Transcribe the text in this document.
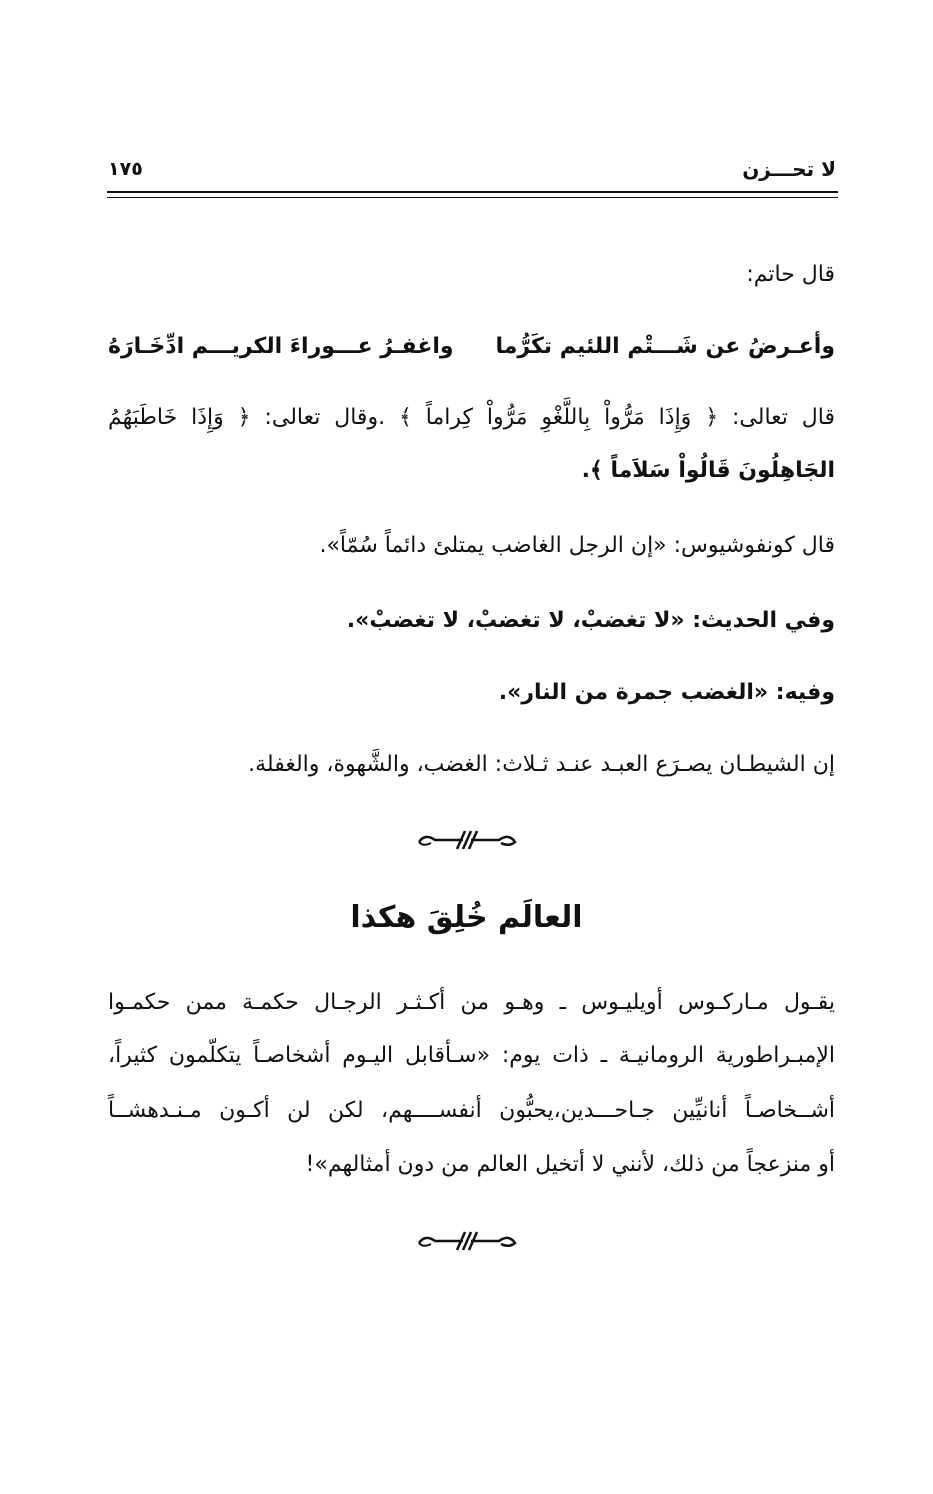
لا تحـــزن
١٧٥
قال حاتم:
وأعـرضُ عن شَـــتْم اللئيم تكَرُّما
واغفـرُ عـــوراءَ الكريـــم ادِّخَـارَهُ
قال تعالى: ﴿ وَإِذَا مَرُّواْ بِاللَّغْوِ مَرُّواْ كِراماً ﴾ .وقال تعالى: ﴿ وَإِذَا خَاطَبَهُمُ
الجَاهِلُونَ قَالُواْ سَلاَماً ﴾.
قال كونفوشيوس: «إن الرجل الغاضب يمتلئ دائماً سُمّاً».
وفي الحديث: «لا تغضبْ، لا تغضبْ، لا تغضبْ».
وفيه: «الغضب جمرة من النار».
إن الشيطـان يصـرَع العبـد عنـد ثـلاث: الغضب، والشَّهوة، والغفلة.
العالَم خُلِقَ هكذا
يقـول مـاركـوس أويليـوس ـ وهـو من أكـثـر الرجـال حكمـة ممن حكمـوا
الإمبـراطورية الرومانيـة ـ ذات يوم: «سـأقابل اليـوم أشخاصـاً يتكلّمون كثيراً،
أشــخاصـاً أنانيِّين جـاحـــدين،يحبُّون أنفســــهم، لكن لن أكـون مـنـدهشــاً
أو منزعجاً من ذلك، لأنني لا أتخيل العالم من دون أمثالهم»!
